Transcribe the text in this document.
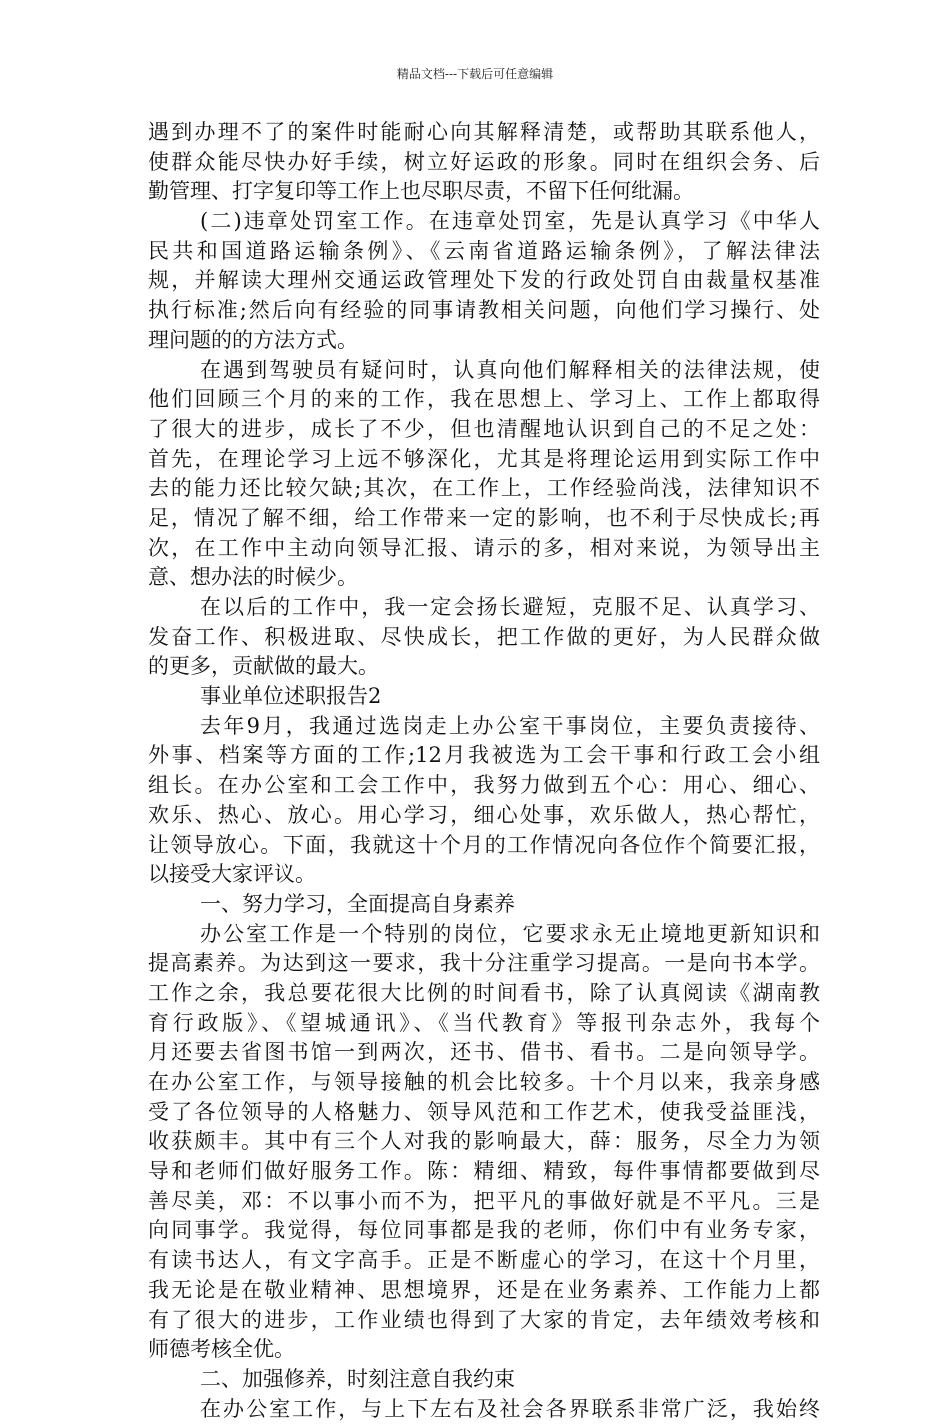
精品文档---下载后可任意编辑
遇到办理不了的案件时能耐心向其解释清楚，或帮助其联系他人，
使群众能尽快办好手续，树立好运政的形象。同时在组织会务、后
勤管理、打字复印等工作上也尽职尽责，不留下任何纰漏。
(二)违章处罚室工作。在违章处罚室，先是认真学习《中华人
民共和国道路运输条例》、《云南省道路运输条例》，了解法律法
规，并解读大理州交通运政管理处下发的行政处罚自由裁量权基准
执行标准;然后向有经验的同事请教相关问题，向他们学习操行、处
理问题的的方法方式。
在遇到驾驶员有疑问时，认真向他们解释相关的法律法规，使
他们回顾三个月的来的工作，我在思想上、学习上、工作上都取得
了很大的进步，成长了不少，但也清醒地认识到自己的不足之处：
首先，在理论学习上远不够深化，尤其是将理论运用到实际工作中
去的能力还比较欠缺;其次，在工作上，工作经验尚浅，法律知识不
足，情况了解不细，给工作带来一定的影响，也不利于尽快成长;再
次，在工作中主动向领导汇报、请示的多，相对来说，为领导出主
意、想办法的时候少。
在以后的工作中，我一定会扬长避短，克服不足、认真学习、
发奋工作、积极进取、尽快成长，把工作做的更好，为人民群众做
的更多，贡献做的最大。
事业单位述职报告2
去年9月，我通过选岗走上办公室干事岗位，主要负责接待、
外事、档案等方面的工作;12月我被选为工会干事和行政工会小组
组长。在办公室和工会工作中，我努力做到五个心：用心、细心、
欢乐、热心、放心。用心学习，细心处事，欢乐做人，热心帮忙，
让领导放心。下面，我就这十个月的工作情况向各位作个简要汇报，
以接受大家评议。
一、努力学习，全面提高自身素养
办公室工作是一个特别的岗位，它要求永无止境地更新知识和
提高素养。为达到这一要求，我十分注重学习提高。一是向书本学。
工作之余，我总要花很大比例的时间看书，除了认真阅读《湖南教
育行政版》、《望城通讯》、《当代教育》等报刊杂志外，我每个
月还要去省图书馆一到两次，还书、借书、看书。二是向领导学。
在办公室工作，与领导接触的机会比较多。十个月以来，我亲身感
受了各位领导的人格魅力、领导风范和工作艺术，使我受益匪浅，
收获颇丰。其中有三个人对我的影响最大，薛：服务，尽全力为领
导和老师们做好服务工作。陈：精细、精致，每件事情都要做到尽
善尽美，邓：不以事小而不为，把平凡的事做好就是不平凡。三是
向同事学。我觉得，每位同事都是我的老师，你们中有业务专家，
有读书达人，有文字高手。正是不断虚心的学习，在这十个月里，
我无论是在敬业精神、思想境界，还是在业务素养、工作能力上都
有了很大的进步，工作业绩也得到了大家的肯定，去年绩效考核和
师德考核全优。
二、加强修养，时刻注意自我约束
在办公室工作，与上下左右及社会各界联系非常广泛，我始终
